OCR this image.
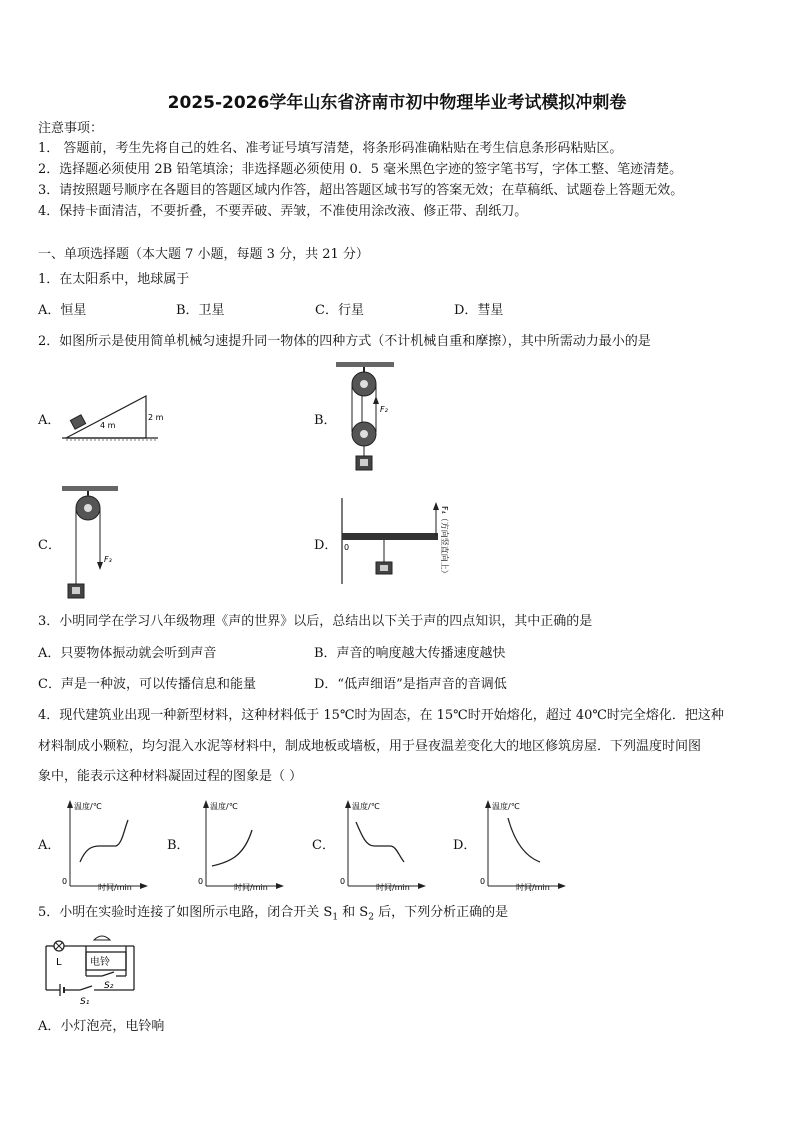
2025-2026学年山东省济南市初中物理毕业考试模拟冲刺卷
注意事项：
1． 答题前，考生先将自己的姓名、准考证号填写清楚，将条形码准确粘贴在考生信息条形码粘贴区。
2．选择题必须使用 2B 铅笔填涂；非选择题必须使用 0．5 毫米黑色字迹的签字笔书写，字体工整、笔迹清楚。
3．请按照题号顺序在各题目的答题区域内作答，超出答题区域书写的答案无效；在草稿纸、试题卷上答题无效。
4．保持卡面清洁，不要折叠，不要弄破、弄皱，不准使用涂改液、修正带、刮纸刀。
一、单项选择题（本大题 7 小题，每题 3 分，共 21 分）
1．在太阳系中，地球属于
A．恒星	B．卫星	C．行星	D．彗星
2．如图所示是使用简单机械匀速提升同一物体的四种方式（不计机械自重和摩擦），其中所需动力最小的是
A．	B．
C．	D．
4 m
2 m
F₂
F₃
0	F₄（方向竖直向上）
3．小明同学在学习八年级物理《声的世界》以后，总结出以下关于声的四点知识，其中正确的是
A．只要物体振动就会听到声音	B．声音的响度越大传播速度越快
C．声是一种波，可以传播信息和能量	D．“低声细语”是指声音的音调低
4．现代建筑业出现一种新型材料，这种材料低于 15℃时为固态，在 15℃时开始熔化，超过 40℃时完全熔化．把这种
材料制成小颗粒，均匀混入水泥等材料中，制成地板或墙板，用于昼夜温差变化大的地区修筑房屋．下列温度时间图
象中，能表示这种材料凝固过程的图象是（ ）
A．	B．	C．	D．
温度/℃
时间/min
0
温度/℃
时间/min
0
温度/℃
时间/min
0
温度/℃
时间/min
0
5．小明在实验时连接了如图所示电路，闭合开关 $S_1$ 和 $S_2$ 后，下列分析正确的是
L	电铃
S₂
S₁
A．小灯泡亮，电铃响
